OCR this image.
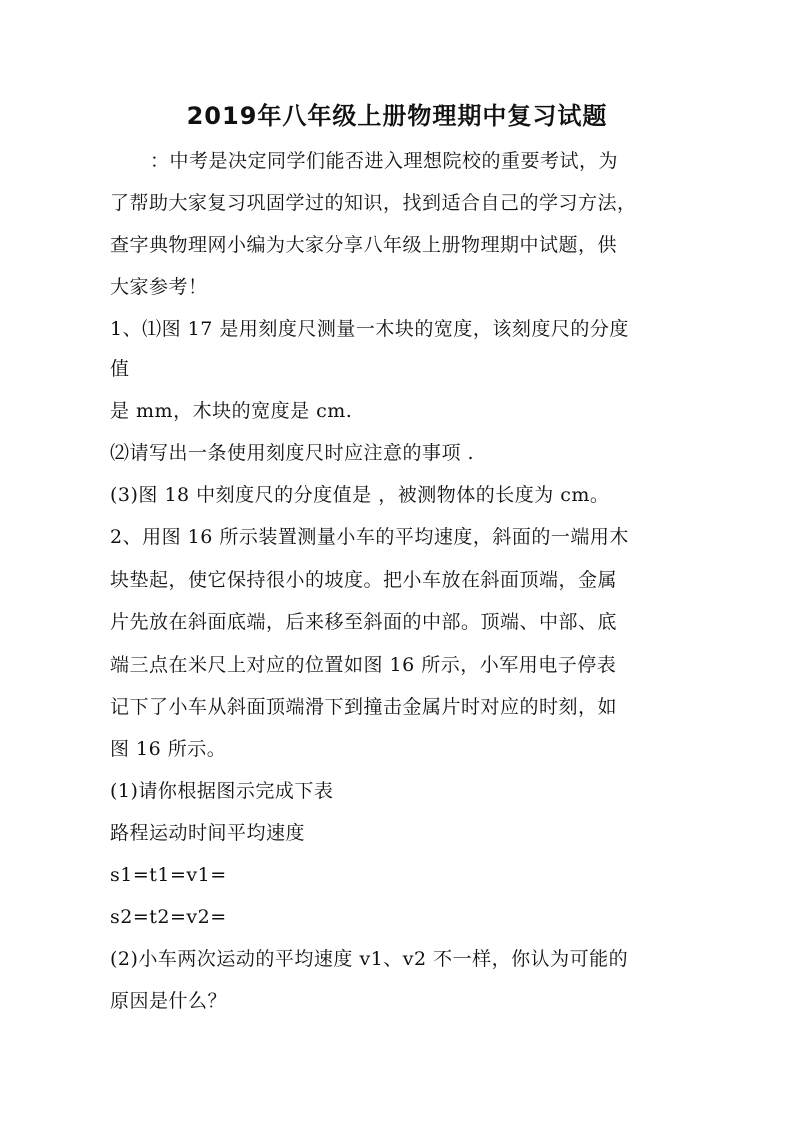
2019年八年级上册物理期中复习试题
：中考是决定同学们能否进入理想院校的重要考试，为
了帮助大家复习巩固学过的知识，找到适合自己的学习方法，
查字典物理网小编为大家分享八年级上册物理期中试题，供
大家参考！
1、⑴图 17 是用刻度尺测量一木块的宽度，该刻度尺的分度
值
是 mm，木块的宽度是 cm.
⑵请写出一条使用刻度尺时应注意的事项 .
(3)图 18 中刻度尺的分度值是 ，被测物体的长度为 cm。
2、用图 16 所示装置测量小车的平均速度，斜面的一端用木
块垫起，使它保持很小的坡度。把小车放在斜面顶端，金属
片先放在斜面底端，后来移至斜面的中部。顶端、中部、底
端三点在米尺上对应的位置如图 16 所示，小军用电子停表
记下了小车从斜面顶端滑下到撞击金属片时对应的时刻，如
图 16 所示。
(1)请你根据图示完成下表
路程运动时间平均速度
s1=t1=v1=
s2=t2=v2=
(2)小车两次运动的平均速度 v1、v2 不一样，你认为可能的
原因是什么？
